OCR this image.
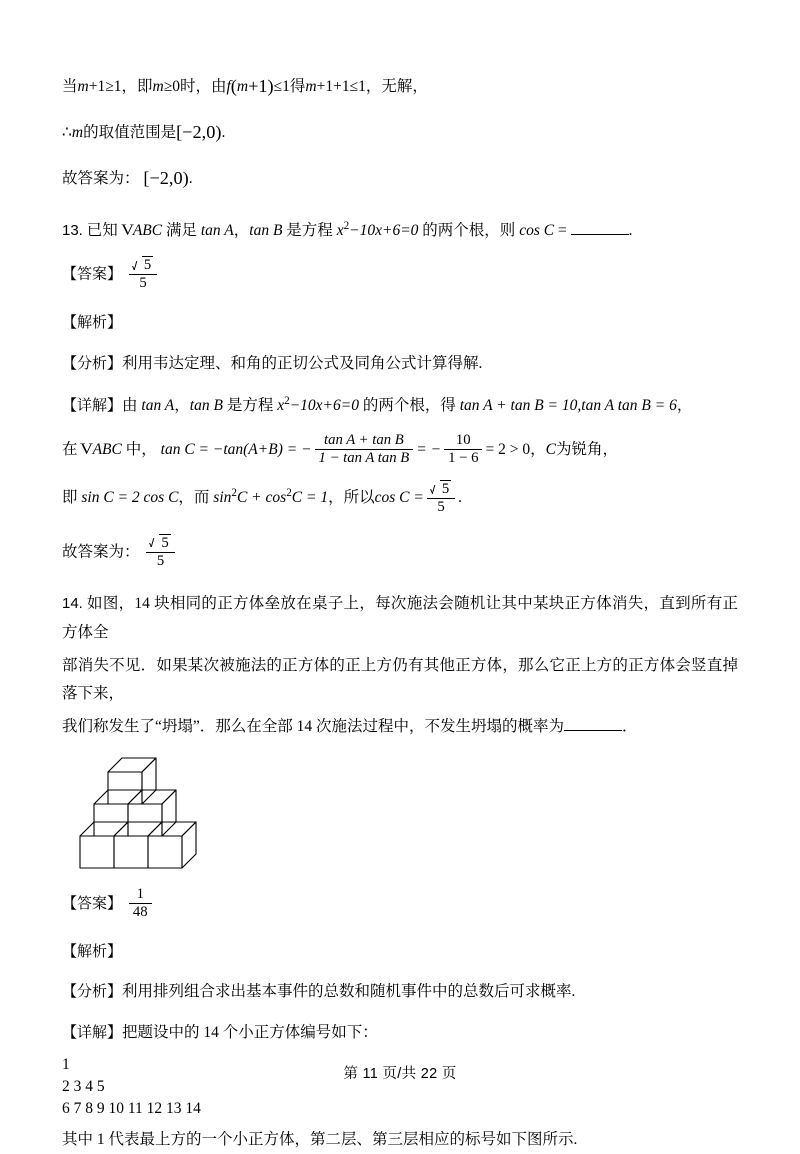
当m+1≥1，即m≥0时，由f(m+1)≤1得m+1+1≤1，无解，
∴m的取值范围是[−2,0).
故答案为： [−2,0).
13. 已知 VABC 满足 tan A，tan B 是方程 $x^2-10x+6=0$ 的两个根，则 cos C =	.
【答案】 $\frac{5}{5}$
【解析】
【分析】利用韦达定理、和角的正切公式及同角公式计算得解.
【详解】由 tan A，tan B 是方程 $x^2-10x+6=0$ 的两个根，得 tan A + tan B = 10,tan A tan B = 6，
在 VABC 中， tan C = −tan(A+B) = − $\frac{\text{tan A + tan B}}{\text{1 − tan A tan B}}$ = − $\frac{10}{1 - 6} = 2 > 0$，C为锐角，
即 sin C = 2 cos C，而 $\sin^2C + \cos^2C = 1$，所以$\cos C = \frac{5}{5}$ .
故答案为： $\frac{5}{5}$
14. 如图，14 块相同的正方体垒放在桌子上，每次施法会随机让其中某块正方体消失，直到所有正方体全
部消失不见．如果某次被施法的正方体的正上方仍有其他正方体，那么它正上方的正方体会竖直掉落下来，
我们称发生了“坍塌”．那么在全部 14 次施法过程中，不发生坍塌的概率为	．
【答案】 $\frac{1}{48}$
【解析】
【分析】利用排列组合求出基本事件的总数和随机事件中的总数后可求概率.
【详解】把题设中的 14 个小正方体编号如下：
1
2 3 4 5
6 7 8 9 10 11 12 13 14
其中 1 代表最上方的一个小正方体，第二层、第三层相应的标号如下图所示.
第 11 页/共 22 页
